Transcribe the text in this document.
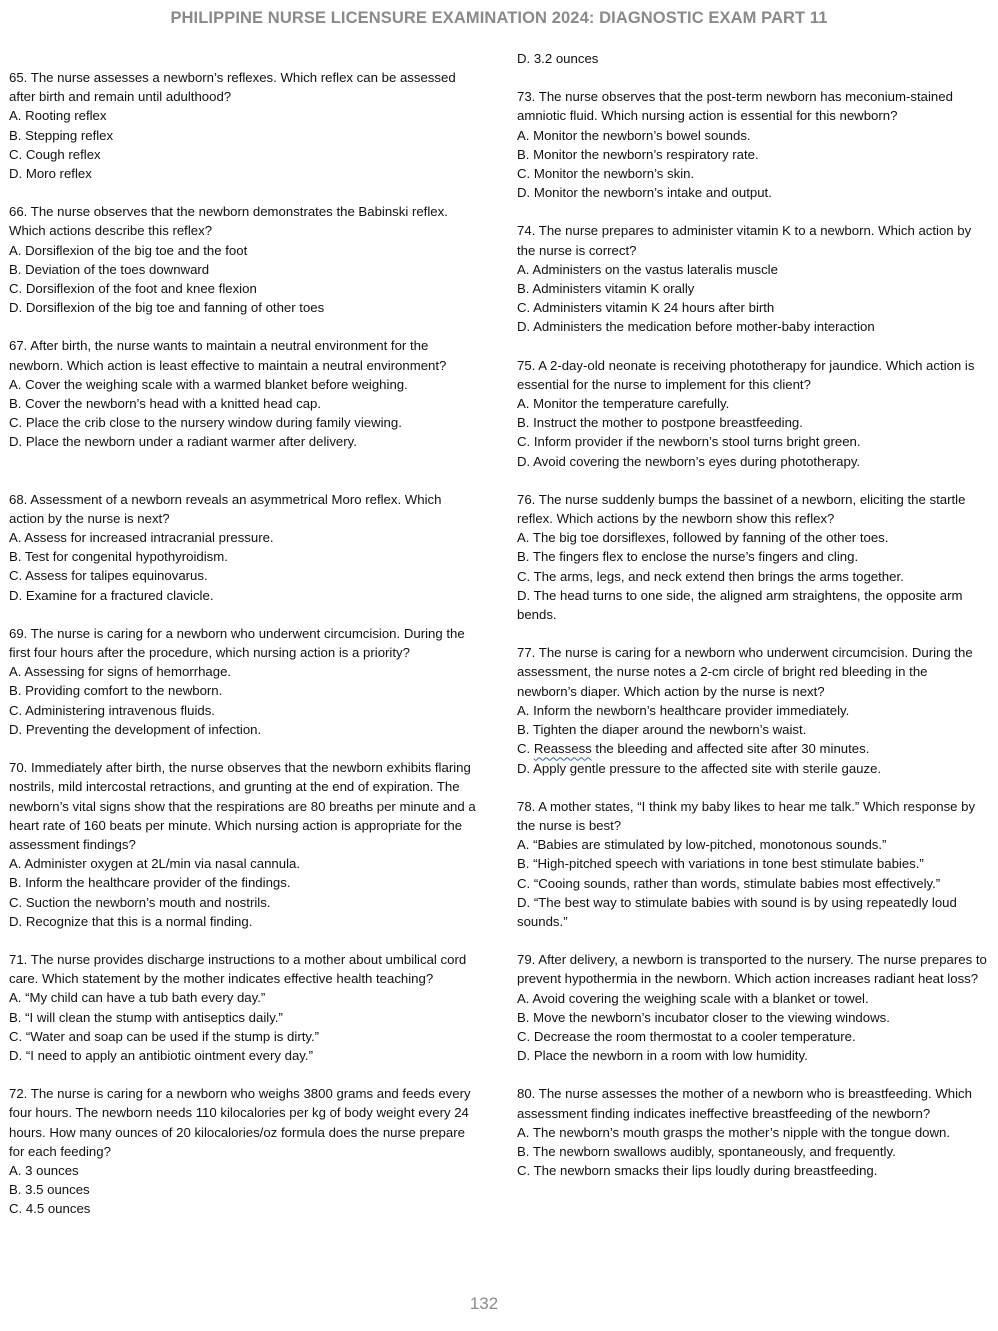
PHILIPPINE NURSE LICENSURE EXAMINATION 2024: DIAGNOSTIC EXAM PART 11

65. The nurse assesses a newborn’s reflexes. Which reflex can be assessed after birth and remain until adulthood?

A. Rooting reflex

B. Stepping reflex

C. Cough reflex

D. Moro reflex

66. The nurse observes that the newborn demonstrates the Babinski reflex. Which actions describe this reflex?

A. Dorsiflexion of the big toe and the foot

B. Deviation of the toes downward

C. Dorsiflexion of the foot and knee flexion

D. Dorsiflexion of the big toe and fanning of other toes

67. After birth, the nurse wants to maintain a neutral environment for the newborn. Which action is least effective to maintain a neutral environment?

A. Cover the weighing scale with a warmed blanket before weighing.

B. Cover the newborn’s head with a knitted head cap.

C. Place the crib close to the nursery window during family viewing.

D. Place the newborn under a radiant warmer after delivery.

68. Assessment of a newborn reveals an asymmetrical Moro reflex. Which action by the nurse is next?

A. Assess for increased intracranial pressure.

B. Test for congenital hypothyroidism.

C. Assess for talipes equinovarus.

D. Examine for a fractured clavicle.

69. The nurse is caring for a newborn who underwent circumcision. During the first four hours after the procedure, which nursing action is a priority?

A. Assessing for signs of hemorrhage.

B. Providing comfort to the newborn.

C. Administering intravenous fluids.

D. Preventing the development of infection.

70. Immediately after birth, the nurse observes that the newborn exhibits flaring nostrils, mild intercostal retractions, and grunting at the end of expiration. The newborn’s vital signs show that the respirations are 80 breaths per minute and a heart rate of 160 beats per minute. Which nursing action is appropriate for the assessment findings?

A. Administer oxygen at 2L/min via nasal cannula.

B. Inform the healthcare provider of the findings.

C. Suction the newborn’s mouth and nostrils.

D. Recognize that this is a normal finding.

71. The nurse provides discharge instructions to a mother about umbilical cord care. Which statement by the mother indicates effective health teaching?

A. “My child can have a tub bath every day.”

B. “I will clean the stump with antiseptics daily.”

C. “Water and soap can be used if the stump is dirty.”

D. “I need to apply an antibiotic ointment every day.”

72. The nurse is caring for a newborn who weighs 3800 grams and feeds every four hours. The newborn needs 110 kilocalories per kg of body weight every 24 hours. How many ounces of 20 kilocalories/oz formula does the nurse prepare for each feeding?

A. 3 ounces

B. 3.5 ounces

C. 4.5 ounces

D. 3.2 ounces

73. The nurse observes that the post-term newborn has meconium-stained amniotic fluid. Which nursing action is essential for this newborn?

A. Monitor the newborn’s bowel sounds.

B. Monitor the newborn’s respiratory rate.

C. Monitor the newborn’s skin.

D. Monitor the newborn’s intake and output.

74. The nurse prepares to administer vitamin K to a newborn. Which action by the nurse is correct?

A. Administers on the vastus lateralis muscle

B. Administers vitamin K orally

C. Administers vitamin K 24 hours after birth

D. Administers the medication before mother-baby interaction

75. A 2-day-old neonate is receiving phototherapy for jaundice. Which action is essential for the nurse to implement for this client?

A. Monitor the temperature carefully.

B. Instruct the mother to postpone breastfeeding.

C. Inform provider if the newborn’s stool turns bright green.

D. Avoid covering the newborn’s eyes during phototherapy.

76. The nurse suddenly bumps the bassinet of a newborn, eliciting the startle reflex. Which actions by the newborn show this reflex?

A. The big toe dorsiflexes, followed by fanning of the other toes.

B. The fingers flex to enclose the nurse’s fingers and cling.

C. The arms, legs, and neck extend then brings the arms together.

D. The head turns to one side, the aligned arm straightens, the opposite arm bends.

77. The nurse is caring for a newborn who underwent circumcision. During the assessment, the nurse notes a 2-cm circle of bright red bleeding in the newborn’s diaper. Which action by the nurse is next?

A. Inform the newborn’s healthcare provider immediately.

B. Tighten the diaper around the newborn’s waist.

C. Reassess the bleeding and affected site after 30 minutes.

D. Apply gentle pressure to the affected site with sterile gauze.

78. A mother states, “I think my baby likes to hear me talk.” Which response by the nurse is best?

A. “Babies are stimulated by low-pitched, monotonous sounds.”

B. “High-pitched speech with variations in tone best stimulate babies.”

C. “Cooing sounds, rather than words, stimulate babies most effectively.”

D. “The best way to stimulate babies with sound is by using repeatedly loud sounds.”

79. After delivery, a newborn is transported to the nursery. The nurse prepares to prevent hypothermia in the newborn. Which action increases radiant heat loss?

A. Avoid covering the weighing scale with a blanket or towel.

B. Move the newborn’s incubator closer to the viewing windows.

C. Decrease the room thermostat to a cooler temperature.

D. Place the newborn in a room with low humidity.

80. The nurse assesses the mother of a newborn who is breastfeeding. Which assessment finding indicates ineffective breastfeeding of the newborn?

A. The newborn’s mouth grasps the mother’s nipple with the tongue down.

B. The newborn swallows audibly, spontaneously, and frequently.

C. The newborn smacks their lips loudly during breastfeeding.

132
